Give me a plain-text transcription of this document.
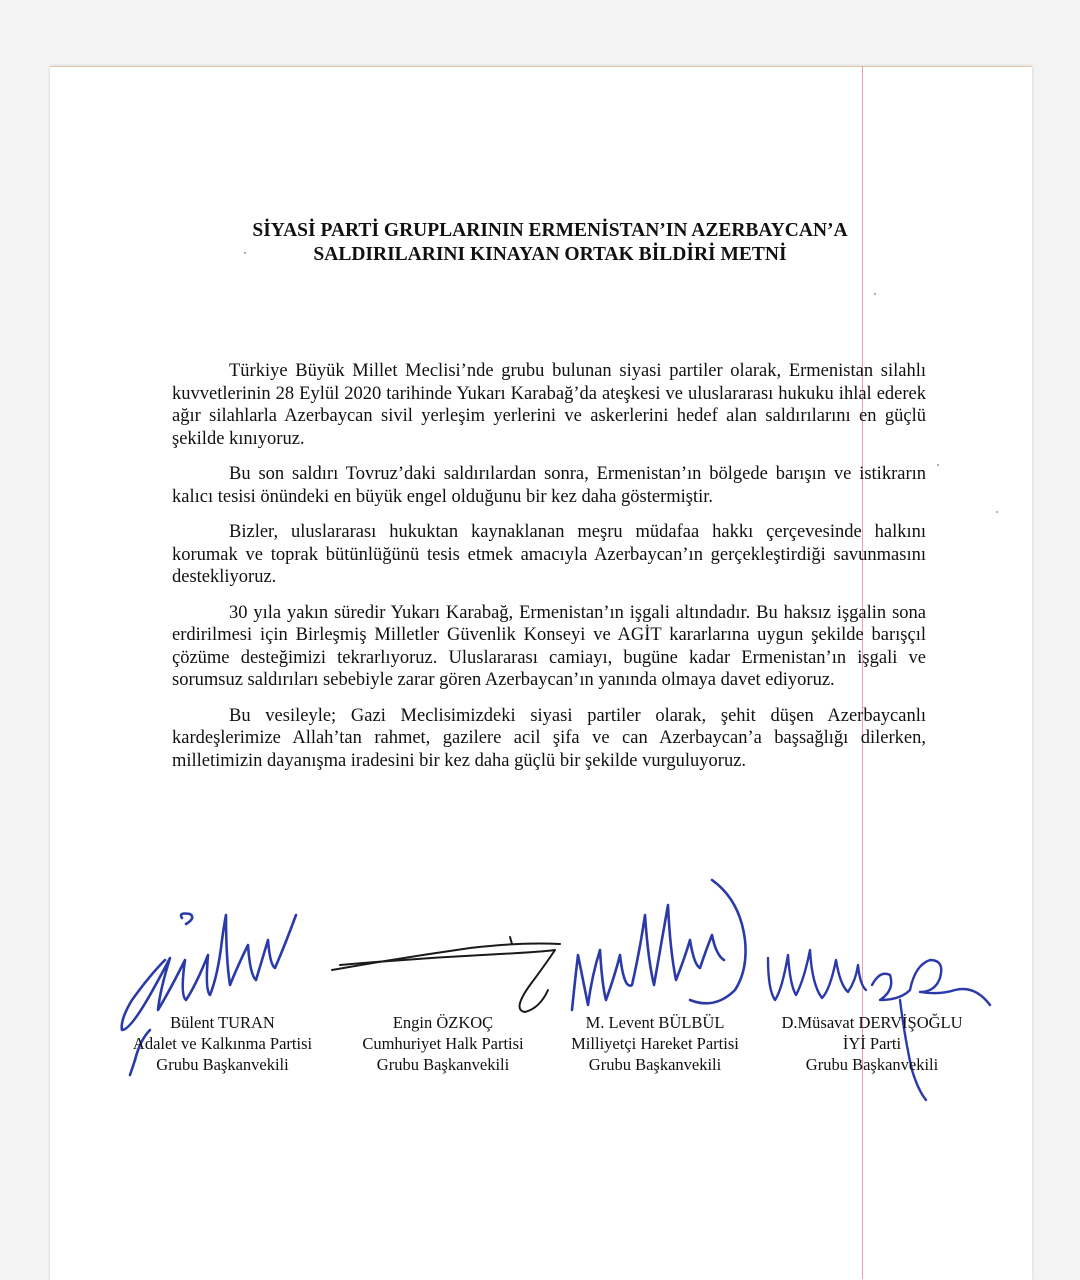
SİYASİ PARTİ GRUPLARININ ERMENİSTAN’IN AZERBAYCAN’A
SALDIRILARINI KINAYAN ORTAK BİLDİRİ METNİ

Türkiye Büyük Millet Meclisi’nde grubu bulunan siyasi partiler olarak, Ermenistan silahlı kuvvetlerinin 28 Eylül 2020 tarihinde Yukarı Karabağ’da ateşkesi ve uluslararası hukuku ihlal ederek ağır silahlarla Azerbaycan sivil yerleşim yerlerini ve askerlerini hedef alan saldırılarını en güçlü şekilde kınıyoruz.

Bu son saldırı Tovruz’daki saldırılardan sonra, Ermenistan’ın bölgede barışın ve istikrarın kalıcı tesisi önündeki en büyük engel olduğunu bir kez daha göstermiştir.

Bizler, uluslararası hukuktan kaynaklanan meşru müdafaa hakkı çerçevesinde halkını korumak ve toprak bütünlüğünü tesis etmek amacıyla Azerbaycan’ın gerçekleştirdiği savunmasını destekliyoruz.

30 yıla yakın süredir Yukarı Karabağ, Ermenistan’ın işgali altındadır. Bu haksız işgalin sona erdirilmesi için Birleşmiş Milletler Güvenlik Konseyi ve AGİT kararlarına uygun şekilde barışçıl çözüme desteğimizi tekrarlıyoruz. Uluslararası camiayı, bugüne kadar Ermenistan’ın işgali ve sorumsuz saldırıları sebebiyle zarar gören Azerbaycan’ın yanında olmaya davet ediyoruz.

Bu vesileyle; Gazi Meclisimizdeki siyasi partiler olarak, şehit düşen Azerbaycanlı kardeşlerimize Allah’tan rahmet, gazilere acil şifa ve can Azerbaycan’a başsağlığı dilerken, milletimizin dayanışma iradesini bir kez daha güçlü bir şekilde vurguluyoruz.

Bülent TURAN
Adalet ve Kalkınma Partisi
Grubu Başkanvekili
Engin ÖZKOÇ
Cumhuriyet Halk Partisi
Grubu Başkanvekili
M. Levent BÜLBÜL
Milliyetçi Hareket Partisi
Grubu Başkanvekili
D.Müsavat DERVİŞOĞLU
İYİ Parti
Grubu Başkanvekili
